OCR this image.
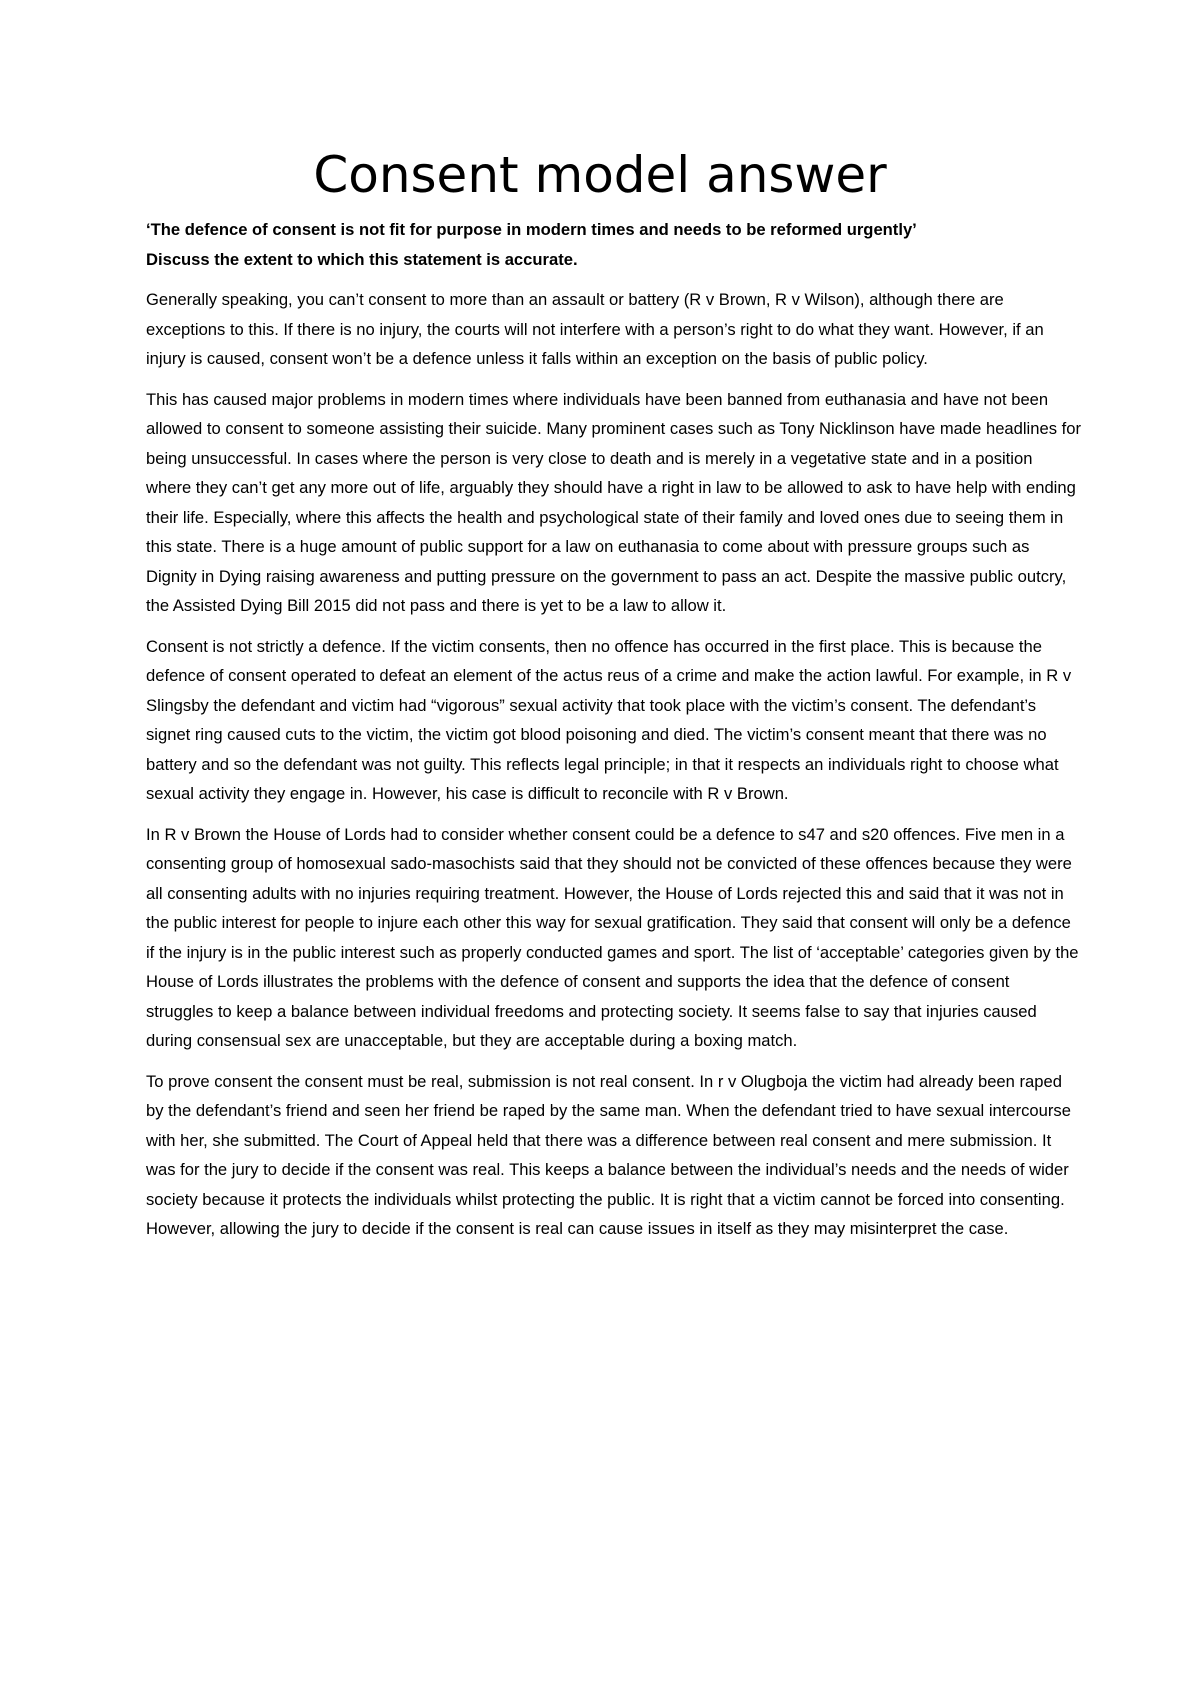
Consent model answer
‘The defence of consent is not fit for purpose in modern times and needs to be reformed urgently’
Discuss the extent to which this statement is accurate.

Generally speaking, you can’t consent to more than an assault or battery (R v Brown, R v Wilson), although there are exceptions to this. If there is no injury, the courts will not interfere with a person’s right to do what they want. However, if an injury is caused, consent won’t be a defence unless it falls within an exception on the basis of public policy.

This has caused major problems in modern times where individuals have been banned from euthanasia and have not been allowed to consent to someone assisting their suicide. Many prominent cases such as Tony Nicklinson have made headlines for being unsuccessful. In cases where the person is very close to death and is merely in a vegetative state and in a position where they can’t get any more out of life, arguably they should have a right in law to be allowed to ask to have help with ending their life. Especially, where this affects the health and psychological state of their family and loved ones due to seeing them in this state. There is a huge amount of public support for a law on euthanasia to come about with pressure groups such as Dignity in Dying raising awareness and putting pressure on the government to pass an act. Despite the massive public outcry, the Assisted Dying Bill 2015 did not pass and there is yet to be a law to allow it.

Consent is not strictly a defence. If the victim consents, then no offence has occurred in the first place. This is because the defence of consent operated to defeat an element of the actus reus of a crime and make the action lawful. For example, in R v Slingsby the defendant and victim had “vigorous” sexual activity that took place with the victim’s consent. The defendant’s signet ring caused cuts to the victim, the victim got blood poisoning and died. The victim’s consent meant that there was no battery and so the defendant was not guilty. This reflects legal principle; in that it respects an individuals right to choose what sexual activity they engage in. However, his case is difficult to reconcile with R v Brown.

In R v Brown the House of Lords had to consider whether consent could be a defence to s47 and s20 offences. Five men in a consenting group of homosexual sado-masochists said that they should not be convicted of these offences because they were all consenting adults with no injuries requiring treatment. However, the House of Lords rejected this and said that it was not in the public interest for people to injure each other this way for sexual gratification. They said that consent will only be a defence if the injury is in the public interest such as properly conducted games and sport. The list of ‘acceptable’ categories given by the House of Lords illustrates the problems with the defence of consent and supports the idea that the defence of consent struggles to keep a balance between individual freedoms and protecting society. It seems false to say that injuries caused during consensual sex are unacceptable, but they are acceptable during a boxing match.

To prove consent the consent must be real, submission is not real consent. In r v Olugboja the victim had already been raped by the defendant’s friend and seen her friend be raped by the same man. When the defendant tried to have sexual intercourse with her, she submitted. The Court of Appeal held that there was a difference between real consent and mere submission. It was for the jury to decide if the consent was real. This keeps a balance between the individual’s needs and the needs of wider society because it protects the individuals whilst protecting the public. It is right that a victim cannot be forced into consenting. However, allowing the jury to decide if the consent is real can cause issues in itself as they may misinterpret the case.
